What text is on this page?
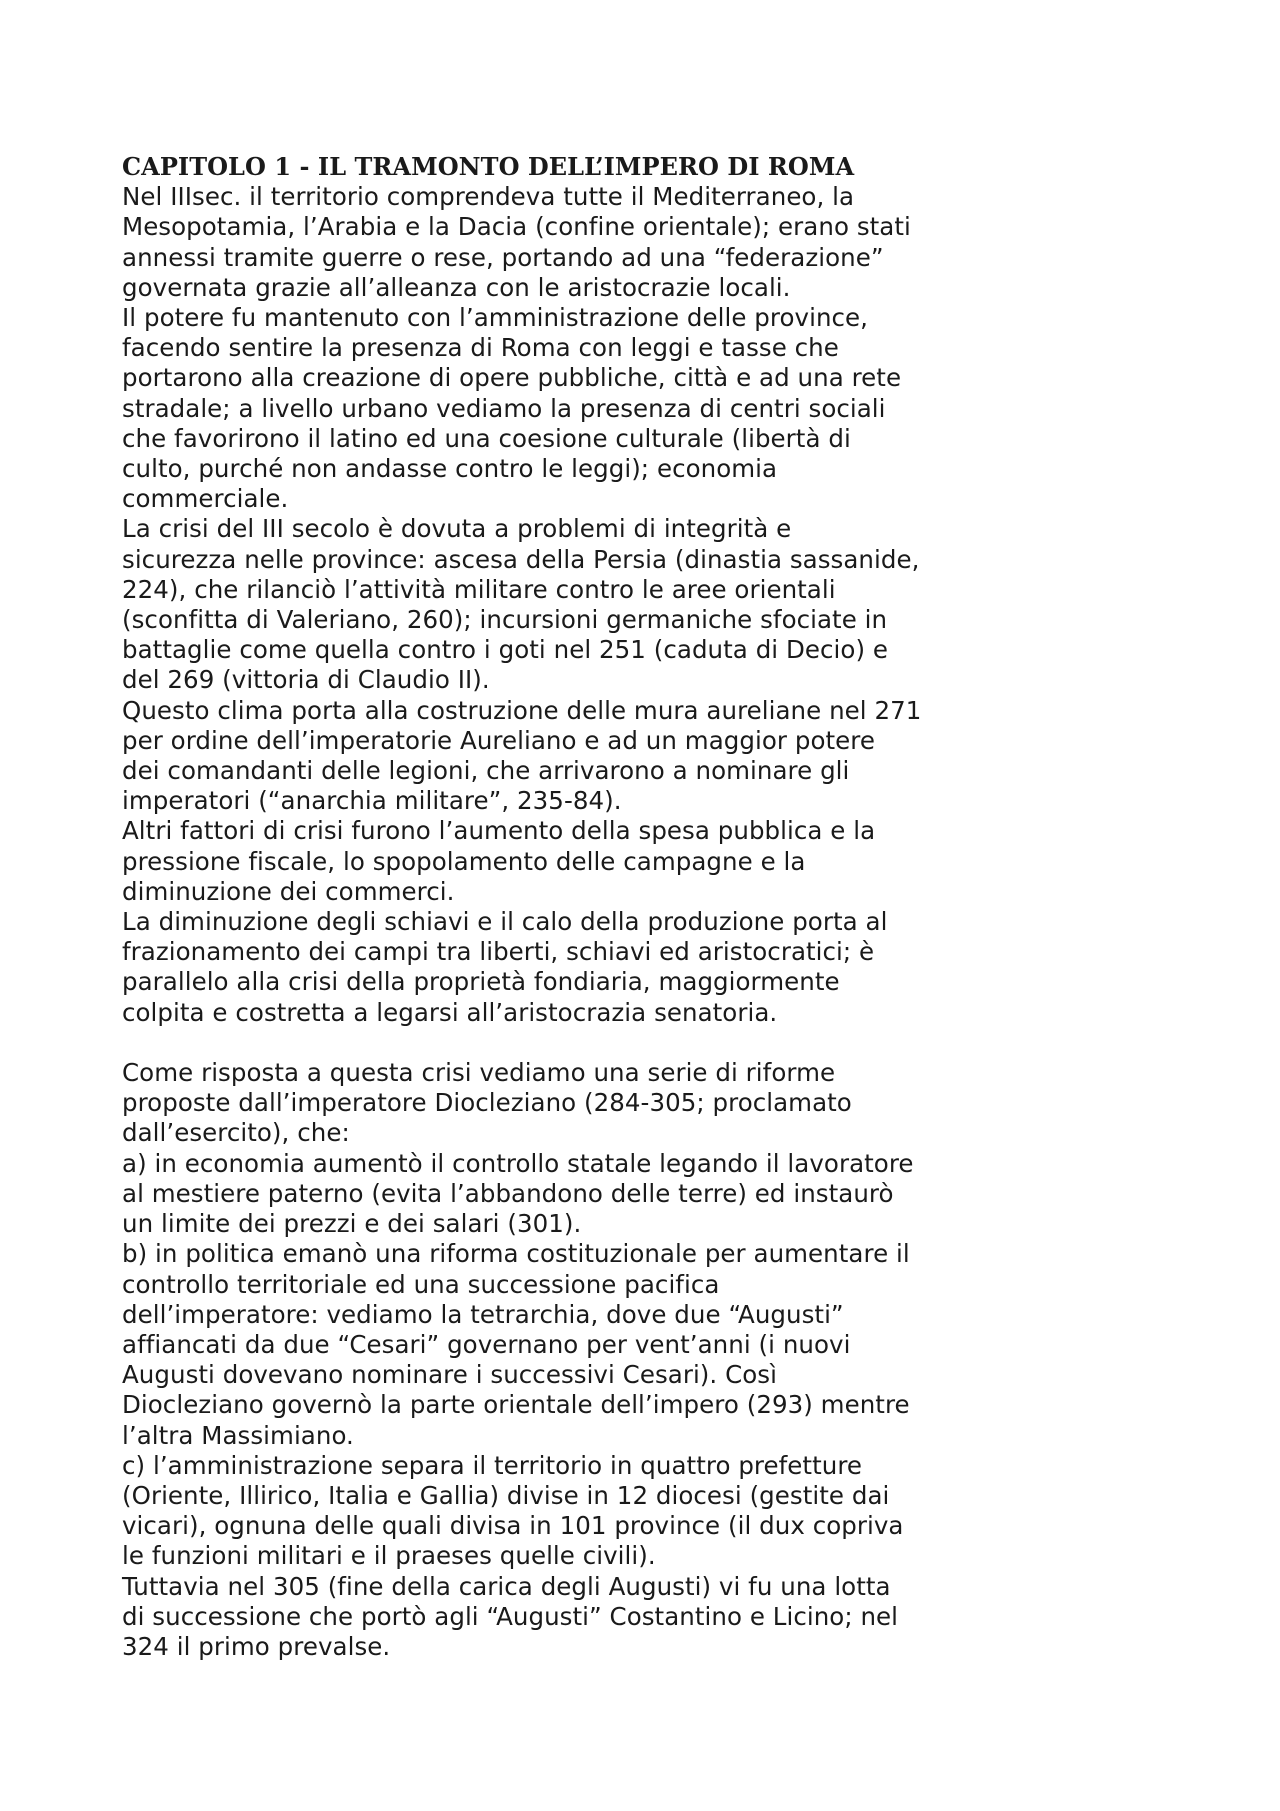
CAPITOLO 1 - IL TRAMONTO DELL’IMPERO DI ROMA
Nel IIIsec. il territorio comprendeva tutte il Mediterraneo, la
Mesopotamia, l’Arabia e la Dacia (confine orientale); erano stati
annessi tramite guerre o rese, portando ad una “federazione”
governata grazie all’alleanza con le aristocrazie locali.
Il potere fu mantenuto con l’amministrazione delle province,
facendo sentire la presenza di Roma con leggi e tasse che
portarono alla creazione di opere pubbliche, città e ad una rete
stradale; a livello urbano vediamo la presenza di centri sociali
che favorirono il latino ed una coesione culturale (libertà di
culto, purché non andasse contro le leggi); economia
commerciale.
La crisi del III secolo è dovuta a problemi di integrità e
sicurezza nelle province: ascesa della Persia (dinastia sassanide,
224), che rilanciò l’attività militare contro le aree orientali
(sconfitta di Valeriano, 260); incursioni germaniche sfociate in
battaglie come quella contro i goti nel 251 (caduta di Decio) e
del 269 (vittoria di Claudio II).
Questo clima porta alla costruzione delle mura aureliane nel 271
per ordine dell’imperatorie Aureliano e ad un maggior potere
dei comandanti delle legioni, che arrivarono a nominare gli
imperatori (“anarchia militare”, 235-84).
Altri fattori di crisi furono l’aumento della spesa pubblica e la
pressione fiscale, lo spopolamento delle campagne e la
diminuzione dei commerci.
La diminuzione degli schiavi e il calo della produzione porta al
frazionamento dei campi tra liberti, schiavi ed aristocratici; è
parallelo alla crisi della proprietà fondiaria, maggiormente
colpita e costretta a legarsi all’aristocrazia senatoria.
Come risposta a questa crisi vediamo una serie di riforme
proposte dall’imperatore Diocleziano (284-305; proclamato
dall’esercito), che:
a) in economia aumentò il controllo statale legando il lavoratore
al mestiere paterno (evita l’abbandono delle terre) ed instaurò
un limite dei prezzi e dei salari (301).
b) in politica emanò una riforma costituzionale per aumentare il
controllo territoriale ed una successione pacifica
dell’imperatore: vediamo la tetrarchia, dove due “Augusti”
affiancati da due “Cesari” governano per vent’anni (i nuovi
Augusti dovevano nominare i successivi Cesari). Così
Diocleziano governò la parte orientale dell’impero (293) mentre
l’altra Massimiano.
c) l’amministrazione separa il territorio in quattro prefetture
(Oriente, Illirico, Italia e Gallia) divise in 12 diocesi (gestite dai
vicari), ognuna delle quali divisa in 101 province (il dux copriva
le funzioni militari e il praeses quelle civili).
Tuttavia nel 305 (fine della carica degli Augusti) vi fu una lotta
di successione che portò agli “Augusti” Costantino e Licino; nel
324 il primo prevalse.
